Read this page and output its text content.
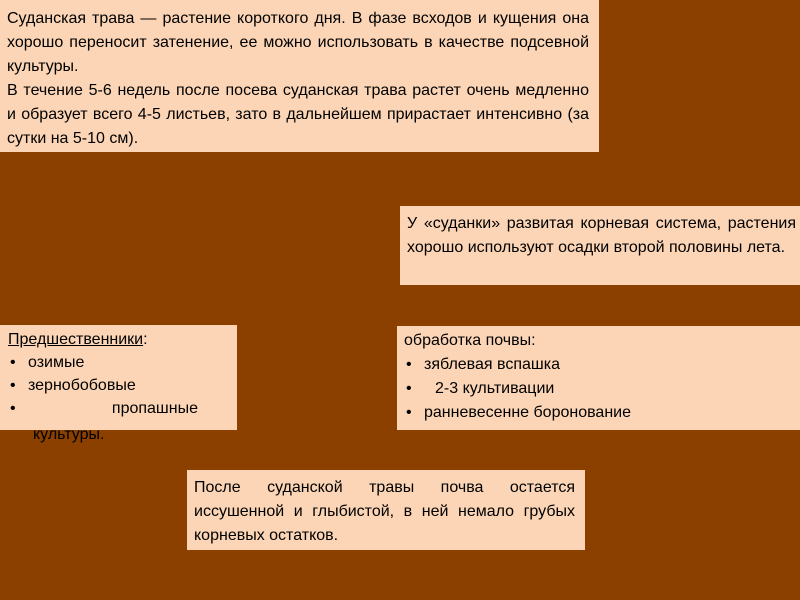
Суданская трава — растение короткого дня. В фазе всходов и кущения она хорошо переносит затенение, ее можно использовать в качестве подсевной культуры.

В течение 5-6 недель после посева суданская трава растет очень медленно и образует всего 4-5 листьев, зато в дальнейшем прирастает интенсивно (за сутки на 5-10 см).

У «суданки» развитая корневая система, растения хорошо используют осадки второй половины лета.

Предшественники:
• озимые
• зернобобовые
• пропашные
культуры.
обработка почвы:
• зяблевая вспашка
• 2-3 культивации
• ранневесенне боронование

После суданской травы почва остается иссушенной и глыбистой, в ней немало грубых корневых остатков.
